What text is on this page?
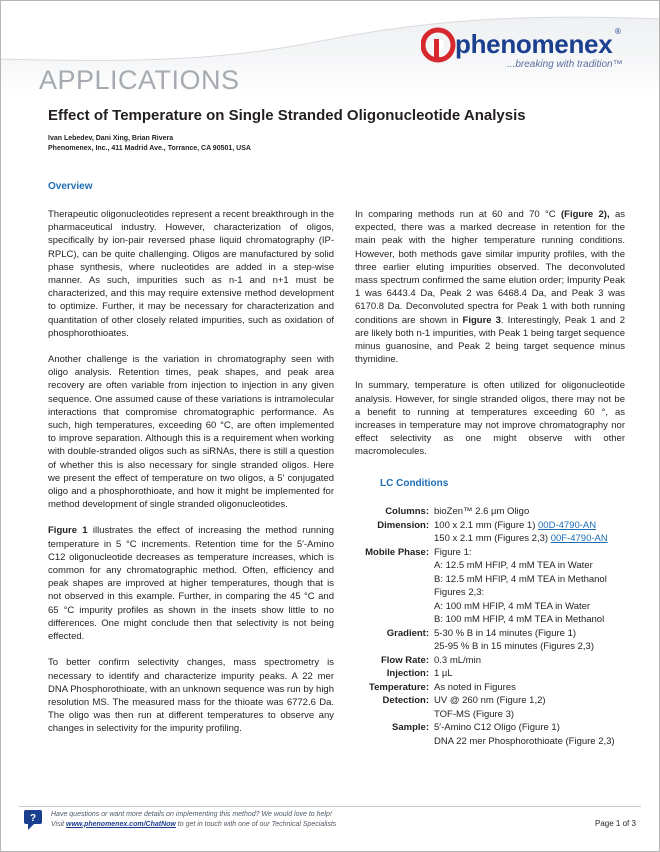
APPLICATIONS
phenomenex ®
...breaking with tradition™
Effect of Temperature on Single Stranded Oligonucleotide Analysis
Ivan Lebedev, Dani Xing, Brian Rivera
Phenomenex, Inc., 411 Madrid Ave., Torrance, CA 90501, USA
Overview

Therapeutic oligonucleotides represent a recent breakthrough in the pharmaceutical industry. However, characterization of oligos, specifically by ion-pair reversed phase liquid chromatography (IP-RPLC), can be quite challenging. Oligos are manufactured by solid phase synthesis, where nucleotides are added in a step-wise manner. As such, impurities such as n-1 and n+1 must be characterized, and this may require extensive method development to optimize. Further, it may be necessary for characterization and quantitation of other closely related impurities, such as oxidation of phosphorothioates.

Another challenge is the variation in chromatography seen with oligo analysis. Retention times, peak shapes, and peak area recovery are often variable from injection to injection in any given sequence. One assumed cause of these variations is intramolecular interactions that compromise chromatographic performance. As such, high temperatures, exceeding 60 °C, are often implemented to improve separation. Although this is a requirement when working with double-stranded oligos such as siRNAs, there is still a question of whether this is also necessary for single stranded oligos. Here we present the effect of temperature on two oligos, a 5′ conjugated oligo and a phosphorothioate, and how it might be implemented for method development of single stranded oligonucleotides.

Figure 1 illustrates the effect of increasing the method running temperature in 5 °C increments. Retention time for the 5′-Amino C12 oligonucleotide decreases as temperature increases, which is common for any chromatographic method. Often, efficiency and peak shapes are improved at higher temperatures, though that is not observed in this example. Further, in comparing the 45 °C and 65 °C impurity profiles as shown in the insets show little to no differences. One might conclude then that selectivity is not being effected.

To better confirm selectivity changes, mass spectrometry is necessary to identify and characterize impurity peaks. A 22 mer DNA Phosphorothioate, with an unknown sequence was run by high resolution MS. The measured mass for the thioate was 6772.6 Da. The oligo was then run at different temperatures to observe any changes in selectivity for the impurity profiling.

In comparing methods run at 60 and 70 °C (Figure 2), as expected, there was a marked decrease in retention for the main peak with the higher temperature running conditions. However, both methods gave similar impurity profiles, with the three earlier eluting impurities observed. The deconvoluted mass spectrum confirmed the same elution order; Impurity Peak 1 was 6443.4 Da, Peak 2 was 6468.4 Da, and Peak 3 was 6170.8 Da. Deconvoluted spectra for Peak 1 with both running conditions are shown in Figure 3. Interestingly, Peak 1 and 2 are likely both n-1 impurities, with Peak 1 being target sequence minus guanosine, and Peak 2 being target sequence minus thymidine.

In summary, temperature is often utilized for oligonucleotide analysis. However, for single stranded oligos, there may not be a benefit to running at temperatures exceeding 60 °, as increases in temperature may not improve chromatography nor effect selectivity as one might observe with other macromolecules.

LC Conditions
Columns: bioZen™ 2.6 µm Oligo
Dimension: 100 x 2.1 mm (Figure 1) 00D-4790-AN
150 x 2.1 mm (Figures 2,3) 00F-4790-AN
Mobile Phase: Figure 1:
A: 12.5 mM HFIP, 4 mM TEA in Water
B: 12.5 mM HFIP, 4 mM TEA in Methanol
Figures 2,3:
A: 100 mM HFIP, 4 mM TEA in Water
B: 100 mM HFIP, 4 mM TEA in Methanol
Gradient: 5-30 % B in 14 minutes (Figure 1)
25-95 % B in 15 minutes (Figures 2,3)
Flow Rate: 0.3 mL/min
Injection: 1 µL
Temperature: As noted in Figures
Detection: UV @ 260 nm (Figure 1,2)
TOF-MS (Figure 3)
Sample: 5′-Amino C12 Oligo (Figure 1)
DNA 22 mer Phosphorothioate (Figure 2,3)
? Have questions or want more details on implementing this method? We would love to help!
Visit www.phenomenex.com/ChatNow to get in touch with one of our Technical Specialists	Page 1 of 3
